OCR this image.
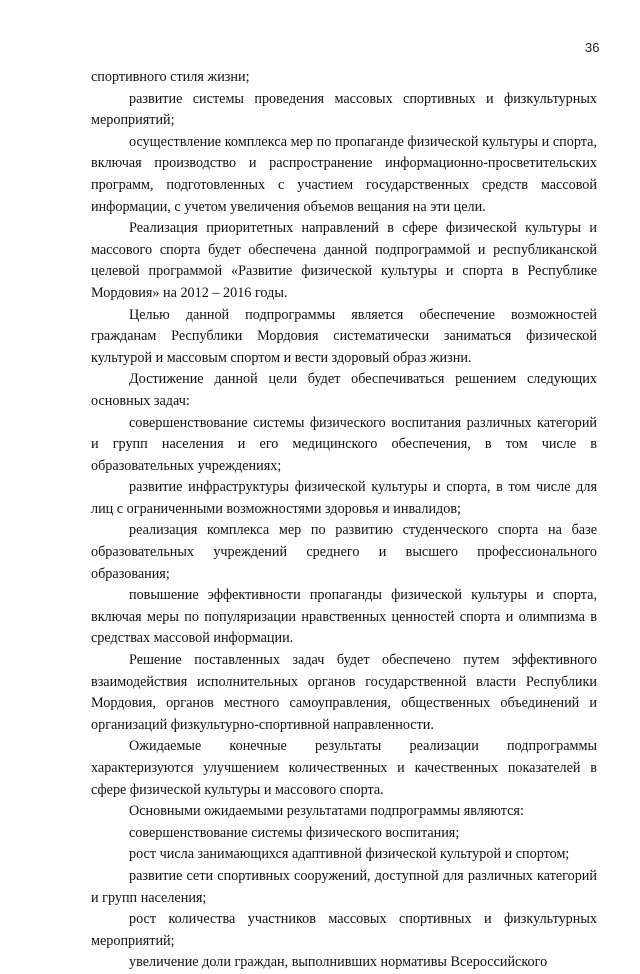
36

спортивного стиля жизни;

развитие системы проведения массовых спортивных и физкультурных мероприятий;

осуществление комплекса мер по пропаганде физической культуры и спорта, включая производство и распространение информационно-просветительских программ, подготовленных с участием государственных средств массовой информации, с учетом увеличения объемов вещания на эти цели.

Реализация приоритетных направлений в сфере физической культуры и массового спорта будет обеспечена данной подпрограммой и республиканской целевой программой «Развитие физической культуры и спорта в Республике Мордовия» на 2012 – 2016 годы.

Целью данной подпрограммы является обеспечение возможностей гражданам Республики Мордовия систематически заниматься физической культурой и массовым спортом и вести здоровый образ жизни.

Достижение данной цели будет обеспечиваться решением следующих основных задач:

совершенствование системы физического воспитания различных категорий и групп населения и его медицинского обеспечения, в том числе в образовательных учреждениях;

развитие инфраструктуры физической культуры и спорта, в том числе для лиц с ограниченными возможностями здоровья и инвалидов;

реализация комплекса мер по развитию студенческого спорта на базе образовательных учреждений среднего и высшего профессионального образования;

повышение эффективности пропаганды физической культуры и спорта, включая меры по популяризации нравственных ценностей спорта и олимпизма в средствах массовой информации.

Решение поставленных задач будет обеспечено путем эффективного взаимодействия исполнительных органов государственной власти Республики Мордовия, органов местного самоуправления, общественных объединений и организаций физкультурно-спортивной направленности.

Ожидаемые конечные результаты реализации подпрограммы характеризуются улучшением количественных и качественных показателей в сфере физической культуры и массового спорта.

Основными ожидаемыми результатами подпрограммы являются:

совершенствование системы физического воспитания;

рост числа занимающихся адаптивной физической культурой и спортом;

развитие сети спортивных сооружений, доступной для различных категорий и групп населения;

рост количества участников массовых спортивных и физкультурных мероприятий;

увеличение доли граждан, выполнивших нормативы Всероссийского
